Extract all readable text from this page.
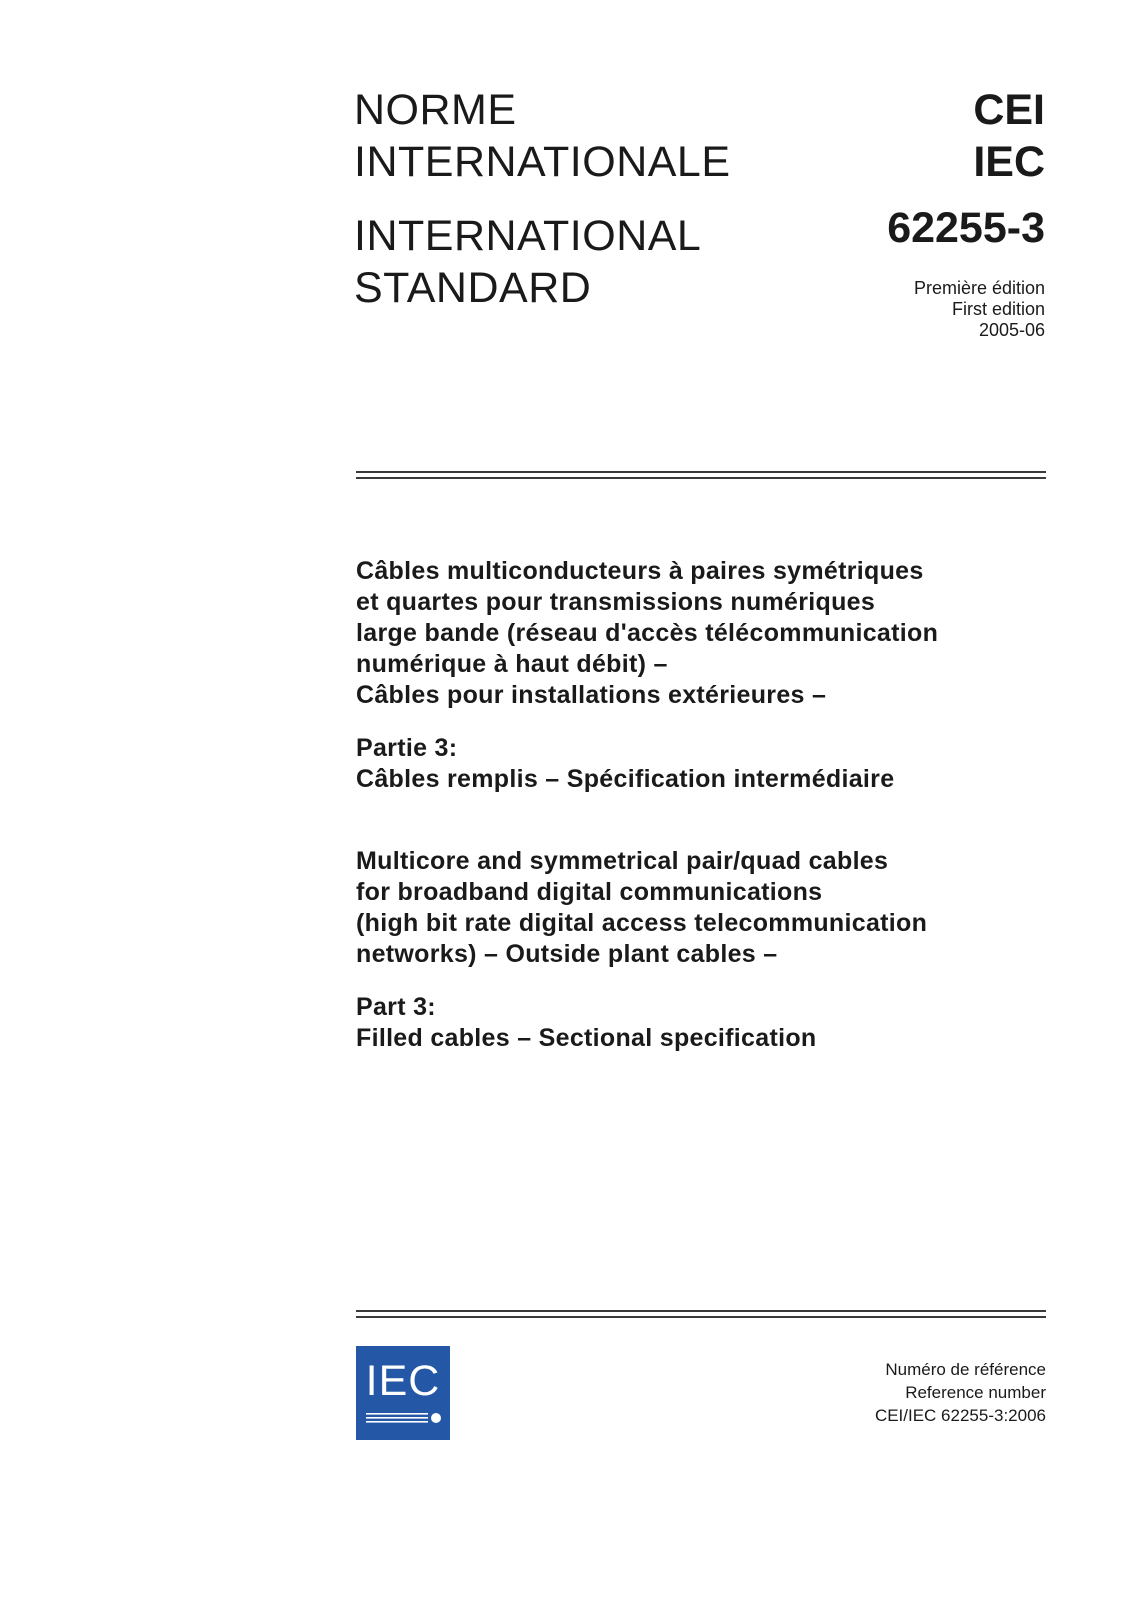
NORME
INTERNATIONALE
INTERNATIONAL
STANDARD
CEI
IEC
62255-3
Première édition
First edition
2005-06
Câbles multiconducteurs à paires symétriques
et quartes pour transmissions numériques
large bande (réseau d'accès télécommunication
numérique à haut débit) –
Câbles pour installations extérieures –
Partie 3:
Câbles remplis – Spécification intermédiaire
Multicore and symmetrical pair/quad cables
for broadband digital communications
(high bit rate digital access telecommunication
networks) – Outside plant cables –
Part 3:
Filled cables – Sectional specification
IEC	Numéro de référence
Reference number
CEI/IEC 62255-3:2006
